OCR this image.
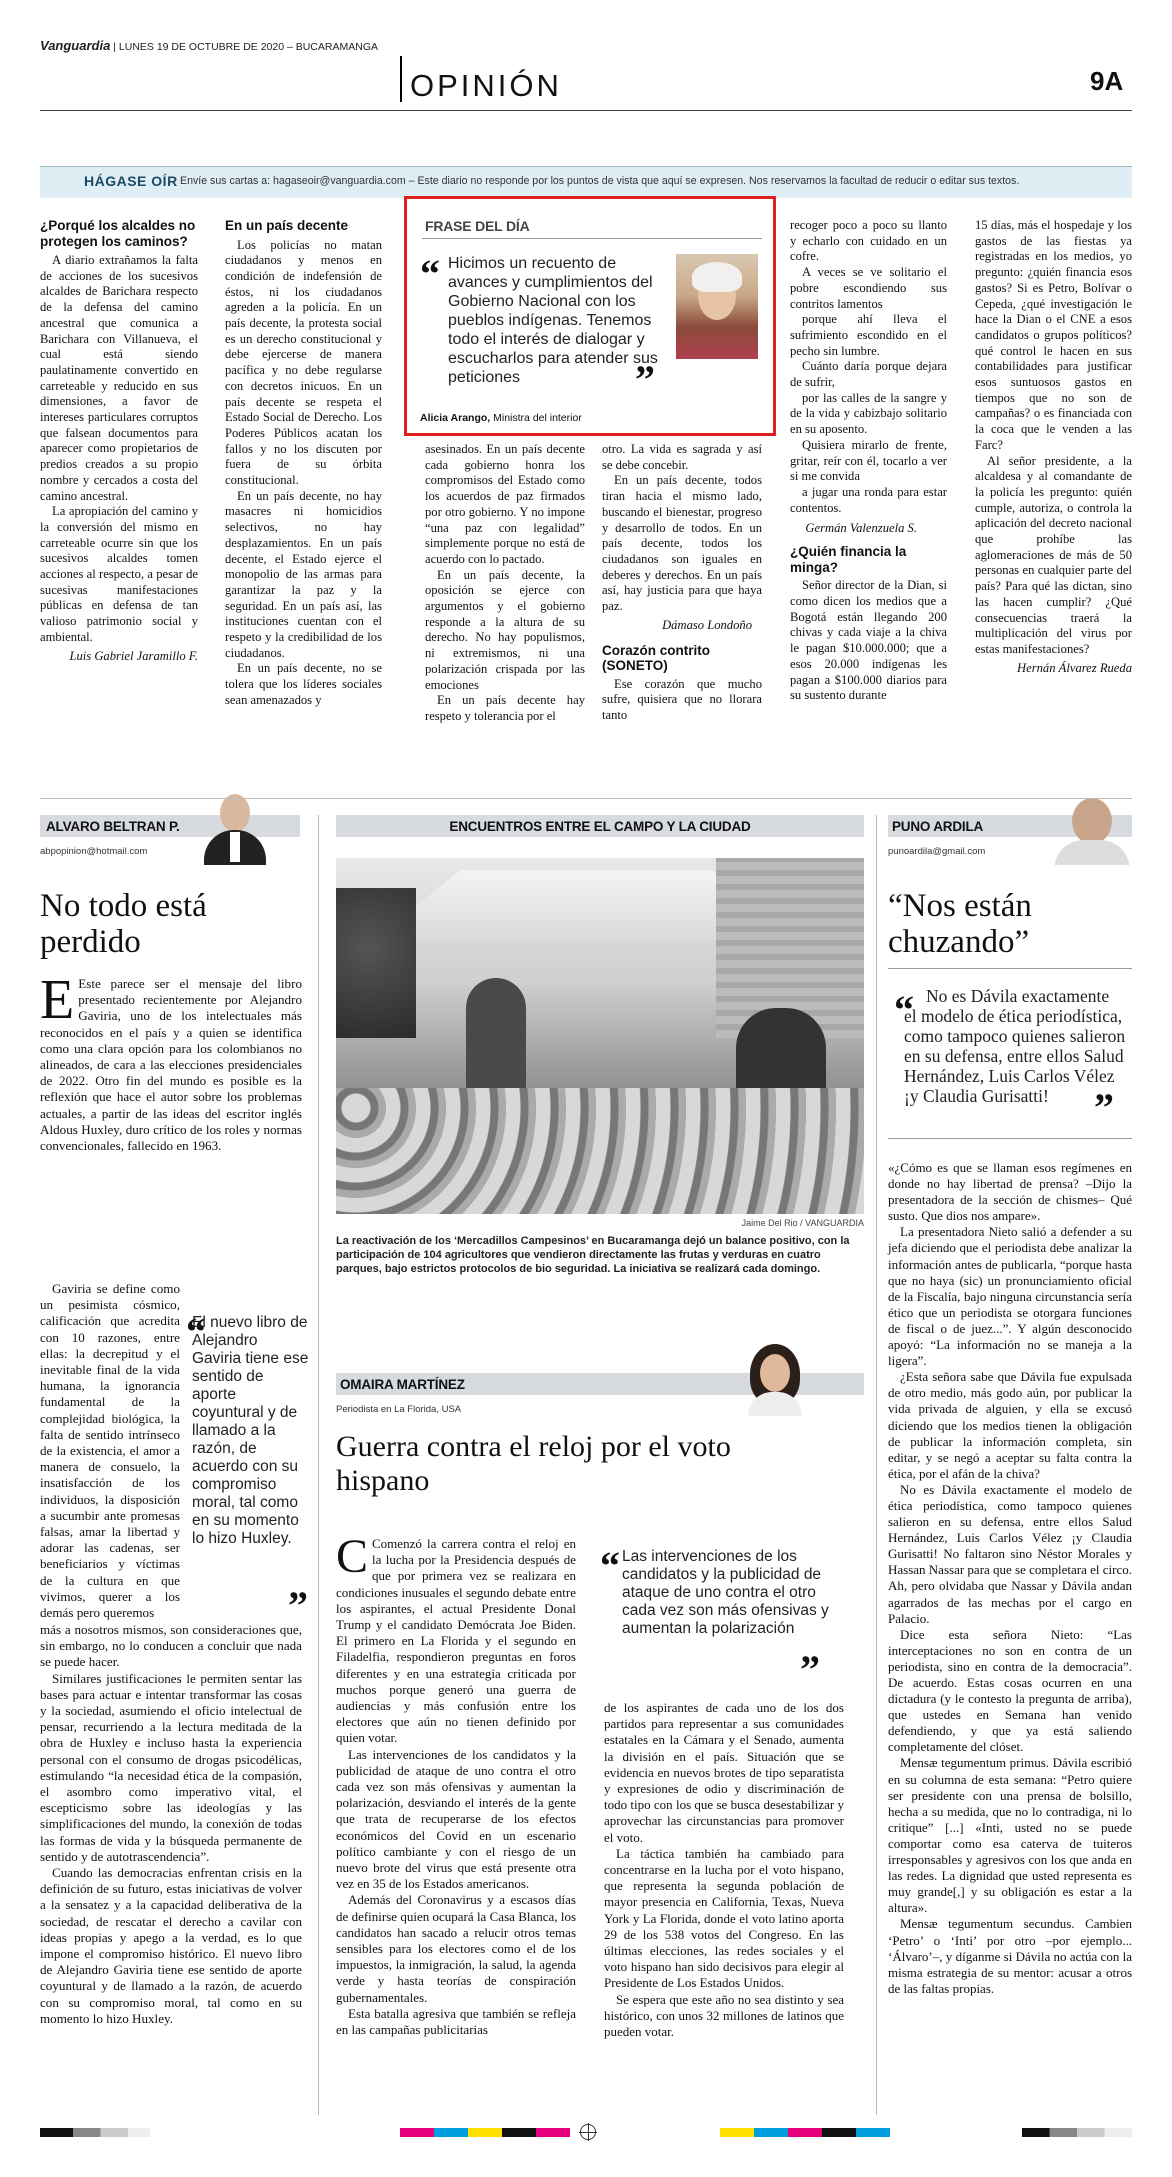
Vanguardia | LUNES 19 DE OCTUBRE DE 2020 – BUCARAMANGA
OPINIÓN	9A
HÁGASE OÍR Envíe sus cartas a: hagaseoir@vanguardia.com – Este diario no responde por los puntos de vista que aquí se expresen. Nos reservamos la facultad de reducir o editar sus textos.
¿Porqué los alcaldes no protegen los caminos?

A diario extrañamos la falta de acciones de los sucesivos alcaldes de Barichara respecto de la defensa del camino ancestral que comunica a Barichara con Villanueva, el cual está siendo paulatinamente convertido en carreteable y reducido en sus dimensiones, a favor de intereses particulares corruptos que falsean documentos para aparecer como propietarios de predios creados a su propio nombre y cercados a costa del camino ancestral.

La apropiación del camino y la conversión del mismo en carreteable ocurre sin que los sucesivos alcaldes tomen acciones al respecto, a pesar de sucesivas manifestaciones públicas en defensa de tan valioso patrimonio social y ambiental.

Luis Gabriel Jaramillo F.
En un país decente

Los policías no matan ciudadanos y menos en condición de indefensión de éstos, ni los ciudadanos agreden a la policía. En un país decente, la protesta social es un derecho constitucional y debe ejercerse de manera pacífica y no debe regularse con decretos inicuos. En un país decente se respeta el Estado Social de Derecho. Los Poderes Públicos acatan los fallos y no los discuten por fuera de su órbita constitucional.

En un país decente, no hay masacres ni homicidios selectivos, no hay desplazamientos. En un país decente, el Estado ejerce el monopolio de las armas para garantizar la paz y la seguridad. En un país así, las instituciones cuentan con el respeto y la credibilidad de los ciudadanos.

En un país decente, no se tolera que los líderes sociales sean amenazados y

FRASE DEL DÍA
“ Hicimos un recuento de avances y cumplimientos del Gobierno Nacional con los pueblos indígenas. Tenemos todo el interés de dialogar y escucharlos para atender sus peticiones	”
Alicia Arango, Ministra del interior

asesinados. En un país decente cada gobierno honra los compromisos del Estado como los acuerdos de paz firmados por otro gobierno. Y no impone “una paz con legalidad” simplemente porque no está de acuerdo con lo pactado.

En un país decente, la oposición se ejerce con argumentos y el gobierno responde a la altura de su derecho. No hay populismos, ni extremismos, ni una polarización crispada por las emociones

En un país decente hay respeto y tolerancia por el

otro. La vida es sagrada y así se debe concebir.

En un país decente, todos tiran hacia el mismo lado, buscando el bienestar, progreso y desarrollo de todos. En un país decente, todos los ciudadanos son iguales en deberes y derechos. En un país así, hay justicia para que haya paz.

Dámaso Londoño
Corazón contrito (SONETO)

Ese corazón que mucho sufre, quisiera que no llorara tanto

recoger poco a poco su llanto y echarlo con cuidado en un cofre.

A veces se ve solitario el pobre escondiendo sus contritos lamentos

porque ahí lleva el sufrimiento escondido en el pecho sin lumbre.

Cuánto daría porque dejara de sufrir,

por las calles de la sangre y de la vida y cabizbajo solitario en su aposento.

Quisiera mirarlo de frente, gritar, reír con él, tocarlo a ver si me convida

a jugar una ronda para estar contentos.

Germán Valenzuela S.
¿Quién financia la minga?

Señor director de la Dian, si como dicen los medios que a Bogotá están llegando 200 chivas y cada viaje a la chiva le pagan $10.000.000; que a esos 20.000 indígenas les pagan a $100.000 diarios para su sustento durante

15 días, más el hospedaje y los gastos de las fiestas ya registradas en los medios, yo pregunto: ¿quién financia esos gastos? Si es Petro, Bolívar o Cepeda, ¿qué investigación le hace la Dian o el CNE a esos candidatos o grupos políticos? qué control le hacen en sus contabilidades para justificar esos suntuosos gastos en tiempos que no son de campañas? o es financiada con la coca que le venden a las Farc?

Al señor presidente, a la alcaldesa y al comandante de la policía les pregunto: quién cumple, autoriza, o controla la aplicación del decreto nacional que prohíbe las aglomeraciones de más de 50 personas en cualquier parte del país? Para qué las dictan, sino las hacen cumplir? ¿Qué consecuencias traerá la multiplicación del virus por estas manifestaciones?

Hernán Álvarez Rueda
ALVARO BELTRAN P.
abpopinion@hotmail.com
No todo está perdido

E Este parece ser el mensaje del libro presentado recientemente por Alejandro Gaviria, uno de los intelectuales más reconocidos en el país y a quien se identifica como una clara opción para los colombianos no alineados, de cara a las elecciones presidenciales de 2022. Otro fin del mundo es posible es la reflexión que hace el autor sobre los problemas actuales, a partir de las ideas del escritor inglés Aldous Huxley, duro crítico de los roles y normas convencionales, fallecido en 1963.

Gaviria se define como un pesimista cósmico, calificación que acredita con 10 razones, entre ellas: la decrepitud y el inevitable final de la vida humana, la ignorancia fundamental de la complejidad biológica, la falta de sentido intrínseco de la existencia, el amor a manera de consuelo, la insatisfacción de los individuos, la disposición a sucumbir ante promesas falsas, amar la libertad y adorar las cadenas, ser beneficiarios y víctimas de la cultura en que vivimos, querer a los demás pero queremos

“
El nuevo libro de Alejandro Gaviria tiene ese sentido de aporte coyuntural y de llamado a la razón, de acuerdo con su compromiso moral, tal como en su momento lo hizo Huxley.
”

más a nosotros mismos, son consideraciones que, sin embargo, no lo conducen a concluir que nada se puede hacer.

Similares justificaciones le permiten sentar las bases para actuar e intentar transformar las cosas y la sociedad, asumiendo el oficio intelectual de pensar, recurriendo a la lectura meditada de la obra de Huxley e incluso hasta la experiencia personal con el consumo de drogas psicodélicas, estimulando “la necesidad ética de la compasión, el asombro como imperativo vital, el escepticismo sobre las ideologías y las simplificaciones del mundo, la conexión de todas las formas de vida y la búsqueda permanente de sentido y de autotrascendencia”.

Cuando las democracias enfrentan crisis en la definición de su futuro, estas iniciativas de volver a la sensatez y a la capacidad deliberativa de la sociedad, de rescatar el derecho a cavilar con ideas propias y apego a la verdad, es lo que impone el compromiso histórico. El nuevo libro de Alejandro Gaviria tiene ese sentido de aporte coyuntural y de llamado a la razón, de acuerdo con su compromiso moral, tal como en su momento lo hizo Huxley.

ENCUENTROS ENTRE EL CAMPO Y LA CIUDAD
Jaime Del Rio / VANGUARDIA
La reactivación de los ‘Mercadillos Campesinos’ en Bucaramanga dejó un balance positivo, con la participación de 104 agricultores que vendieron directamente las frutas y verduras en cuatro parques, bajo estrictos protocolos de bio seguridad. La iniciativa se realizará cada domingo.
OMAIRA MARTÍNEZ
Periodista en La Florida, USA
Guerra contra el reloj por el voto hispano

C Comenzó la carrera contra el reloj en la lucha por la Presidencia después de que por primera vez se realizara en condiciones inusuales el segundo debate entre los aspirantes, el actual Presidente Donal Trump y el candidato Demócrata Joe Biden. El primero en La Florida y el segundo en Filadelfia, respondieron preguntas en foros diferentes y en una estrategia criticada por muchos porque generó una guerra de audiencias y más confusión entre los electores que aún no tienen definido por quien votar.

Las intervenciones de los candidatos y la publicidad de ataque de uno contra el otro cada vez son más ofensivas y aumentan la polarización, desviando el interés de la gente que trata de recuperarse de los efectos económicos del Covid en un escenario político cambiante y con el riesgo de un nuevo brote del virus que está presente otra vez en 35 de los Estados americanos.

Además del Coronavirus y a escasos días de definirse quien ocupará la Casa Blanca, los candidatos han sacado a relucir otros temas sensibles para los electores como el de los impuestos, la inmigración, la salud, la agenda verde y hasta teorías de conspiración gubernamentales.

Esta batalla agresiva que también se refleja en las campañas publicitarias

“ Las intervenciones de los candidatos y la publicidad de ataque de uno contra el otro cada vez son más ofensivas y aumentan la polarización
”

de los aspirantes de cada uno de los dos partidos para representar a sus comunidades estatales en la Cámara y el Senado, aumenta la división en el país. Situación que se evidencia en nuevos brotes de tipo separatista y expresiones de odio y discriminación de todo tipo con los que se busca desestabilizar y aprovechar las circunstancias para promover el voto.

La táctica también ha cambiado para concentrarse en la lucha por el voto hispano, que representa la segunda población de mayor presencia en California, Texas, Nueva York y La Florida, donde el voto latino aporta 29 de los 538 votos del Congreso. En las últimas elecciones, las redes sociales y el voto hispano han sido decisivos para elegir al Presidente de Los Estados Unidos.

Se espera que este año no sea distinto y sea histórico, con unos 32 millones de latinos que pueden votar.

PUNO ARDILA
punoardila@gmail.com
“Nos están chuzando”
“ No es Dávila exactamente el modelo de ética periodística, como tampoco quienes salieron en su defensa, entre ellos Salud Hernández, Luis Carlos Vélez ¡y Claudia Gurisatti!	”

«¿Cómo es que se llaman esos regímenes en donde no hay libertad de prensa? –Dijo la presentadora de la sección de chismes– Qué susto. Que dios nos ampare».

La presentadora Nieto salió a defender a su jefa diciendo que el periodista debe analizar la información antes de publicarla, “porque hasta que no haya (sic) un pronunciamiento oficial de la Fiscalía, bajo ninguna circunstancia sería ético que un periodista se otorgara funciones de fiscal o de juez...”. Y algún desconocido apoyó: “La información no se maneja a la ligera”.

¿Esta señora sabe que Dávila fue expulsada de otro medio, más godo aún, por publicar la vida privada de alguien, y ella se excusó diciendo que los medios tienen la obligación de publicar la información completa, sin editar, y se negó a aceptar su falta contra la ética, por el afán de la chiva?

No es Dávila exactamente el modelo de ética periodística, como tampoco quienes salieron en su defensa, entre ellos Salud Hernández, Luis Carlos Vélez ¡y Claudia Gurisatti! No faltaron sino Néstor Morales y Hassan Nassar para que se completara el circo. Ah, pero olvidaba que Nassar y Dávila andan agarrados de las mechas por el cargo en Palacio.

Dice esta señora Nieto: “Las interceptaciones no son en contra de un periodista, sino en contra de la democracia”. De acuerdo. Estas cosas ocurren en una dictadura (y le contesto la pregunta de arriba), que ustedes en Semana han venido defendiendo, y que ya está saliendo completamente del clóset.

Mensæ tegumentum primus. Dávila escribió en su columna de esta semana: “Petro quiere ser presidente con una prensa de bolsillo, hecha a su medida, que no lo contradiga, ni lo critique” [...] «Inti, usted no se puede comportar como esa caterva de tuiteros irresponsables y agresivos con los que anda en las redes. La dignidad que usted representa es muy grande[,] y su obligación es estar a la altura».

Mensæ tegumentum secundus. Cambien ‘Petro’ o ‘Inti’ por otro –por ejemplo... ‘Álvaro’–, y díganme si Dávila no actúa con la misma estrategia de su mentor: acusar a otros de las faltas propias.
